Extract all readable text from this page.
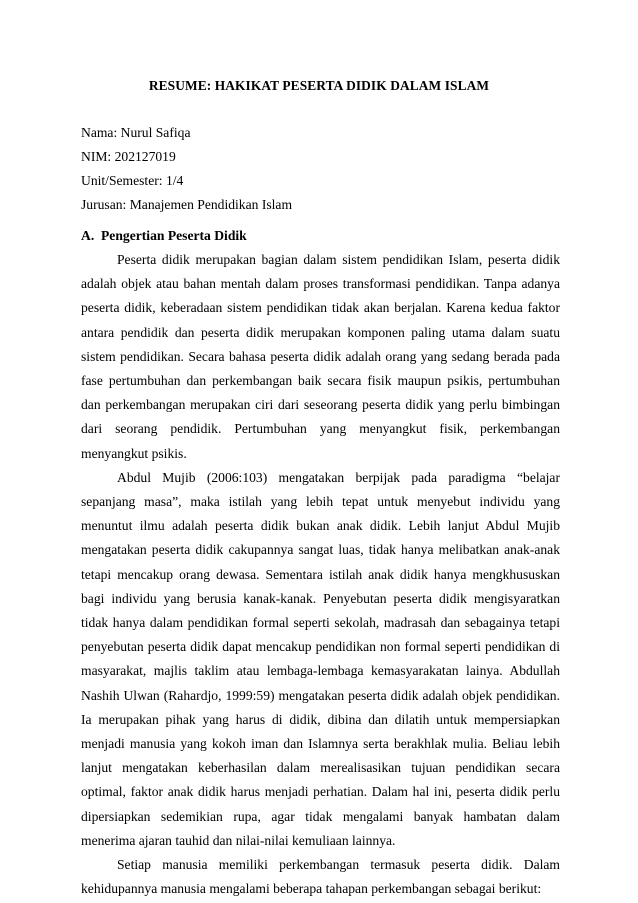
RESUME: HAKIKAT PESERTA DIDIK DALAM ISLAM
Nama: Nurul Safiqa
NIM: 202127019
Unit/Semester: 1/4
Jurusan: Manajemen Pendidikan Islam
A. Pengertian Peserta Didik

Peserta didik merupakan bagian dalam sistem pendidikan Islam, peserta didik adalah objek atau bahan mentah dalam proses transformasi pendidikan. Tanpa adanya peserta didik, keberadaan sistem pendidikan tidak akan berjalan. Karena kedua faktor antara pendidik dan peserta didik merupakan komponen paling utama dalam suatu sistem pendidikan. Secara bahasa peserta didik adalah orang yang sedang berada pada fase pertumbuhan dan perkembangan baik secara fisik maupun psikis, pertumbuhan dan perkembangan merupakan ciri dari seseorang peserta didik yang perlu bimbingan dari seorang pendidik. Pertumbuhan yang menyangkut fisik, perkembangan menyangkut psikis.

Abdul Mujib (2006:103) mengatakan berpijak pada paradigma “belajar sepanjang masa”, maka istilah yang lebih tepat untuk menyebut individu yang menuntut ilmu adalah peserta didik bukan anak didik. Lebih lanjut Abdul Mujib mengatakan peserta didik cakupannya sangat luas, tidak hanya melibatkan anak-anak tetapi mencakup orang dewasa. Sementara istilah anak didik hanya mengkhususkan bagi individu yang berusia kanak-kanak. Penyebutan peserta didik mengisyaratkan tidak hanya dalam pendidikan formal seperti sekolah, madrasah dan sebagainya tetapi penyebutan peserta didik dapat mencakup pendidikan non formal seperti pendidikan di masyarakat, majlis taklim atau lembaga-lembaga kemasyarakatan lainya. Abdullah Nashih Ulwan (Rahardjo, 1999:59) mengatakan peserta didik adalah objek pendidikan. Ia merupakan pihak yang harus di didik, dibina dan dilatih untuk mempersiapkan menjadi manusia yang kokoh iman dan Islamnya serta berakhlak mulia. Beliau lebih lanjut mengatakan keberhasilan dalam merealisasikan tujuan pendidikan secara optimal, faktor anak didik harus menjadi perhatian. Dalam hal ini, peserta didik perlu dipersiapkan sedemikian rupa, agar tidak mengalami banyak hambatan dalam menerima ajaran tauhid dan nilai-nilai kemuliaan lainnya.

Setiap manusia memiliki perkembangan termasuk peserta didik. Dalam kehidupannya manusia mengalami beberapa tahapan perkembangan sebagai berikut:
